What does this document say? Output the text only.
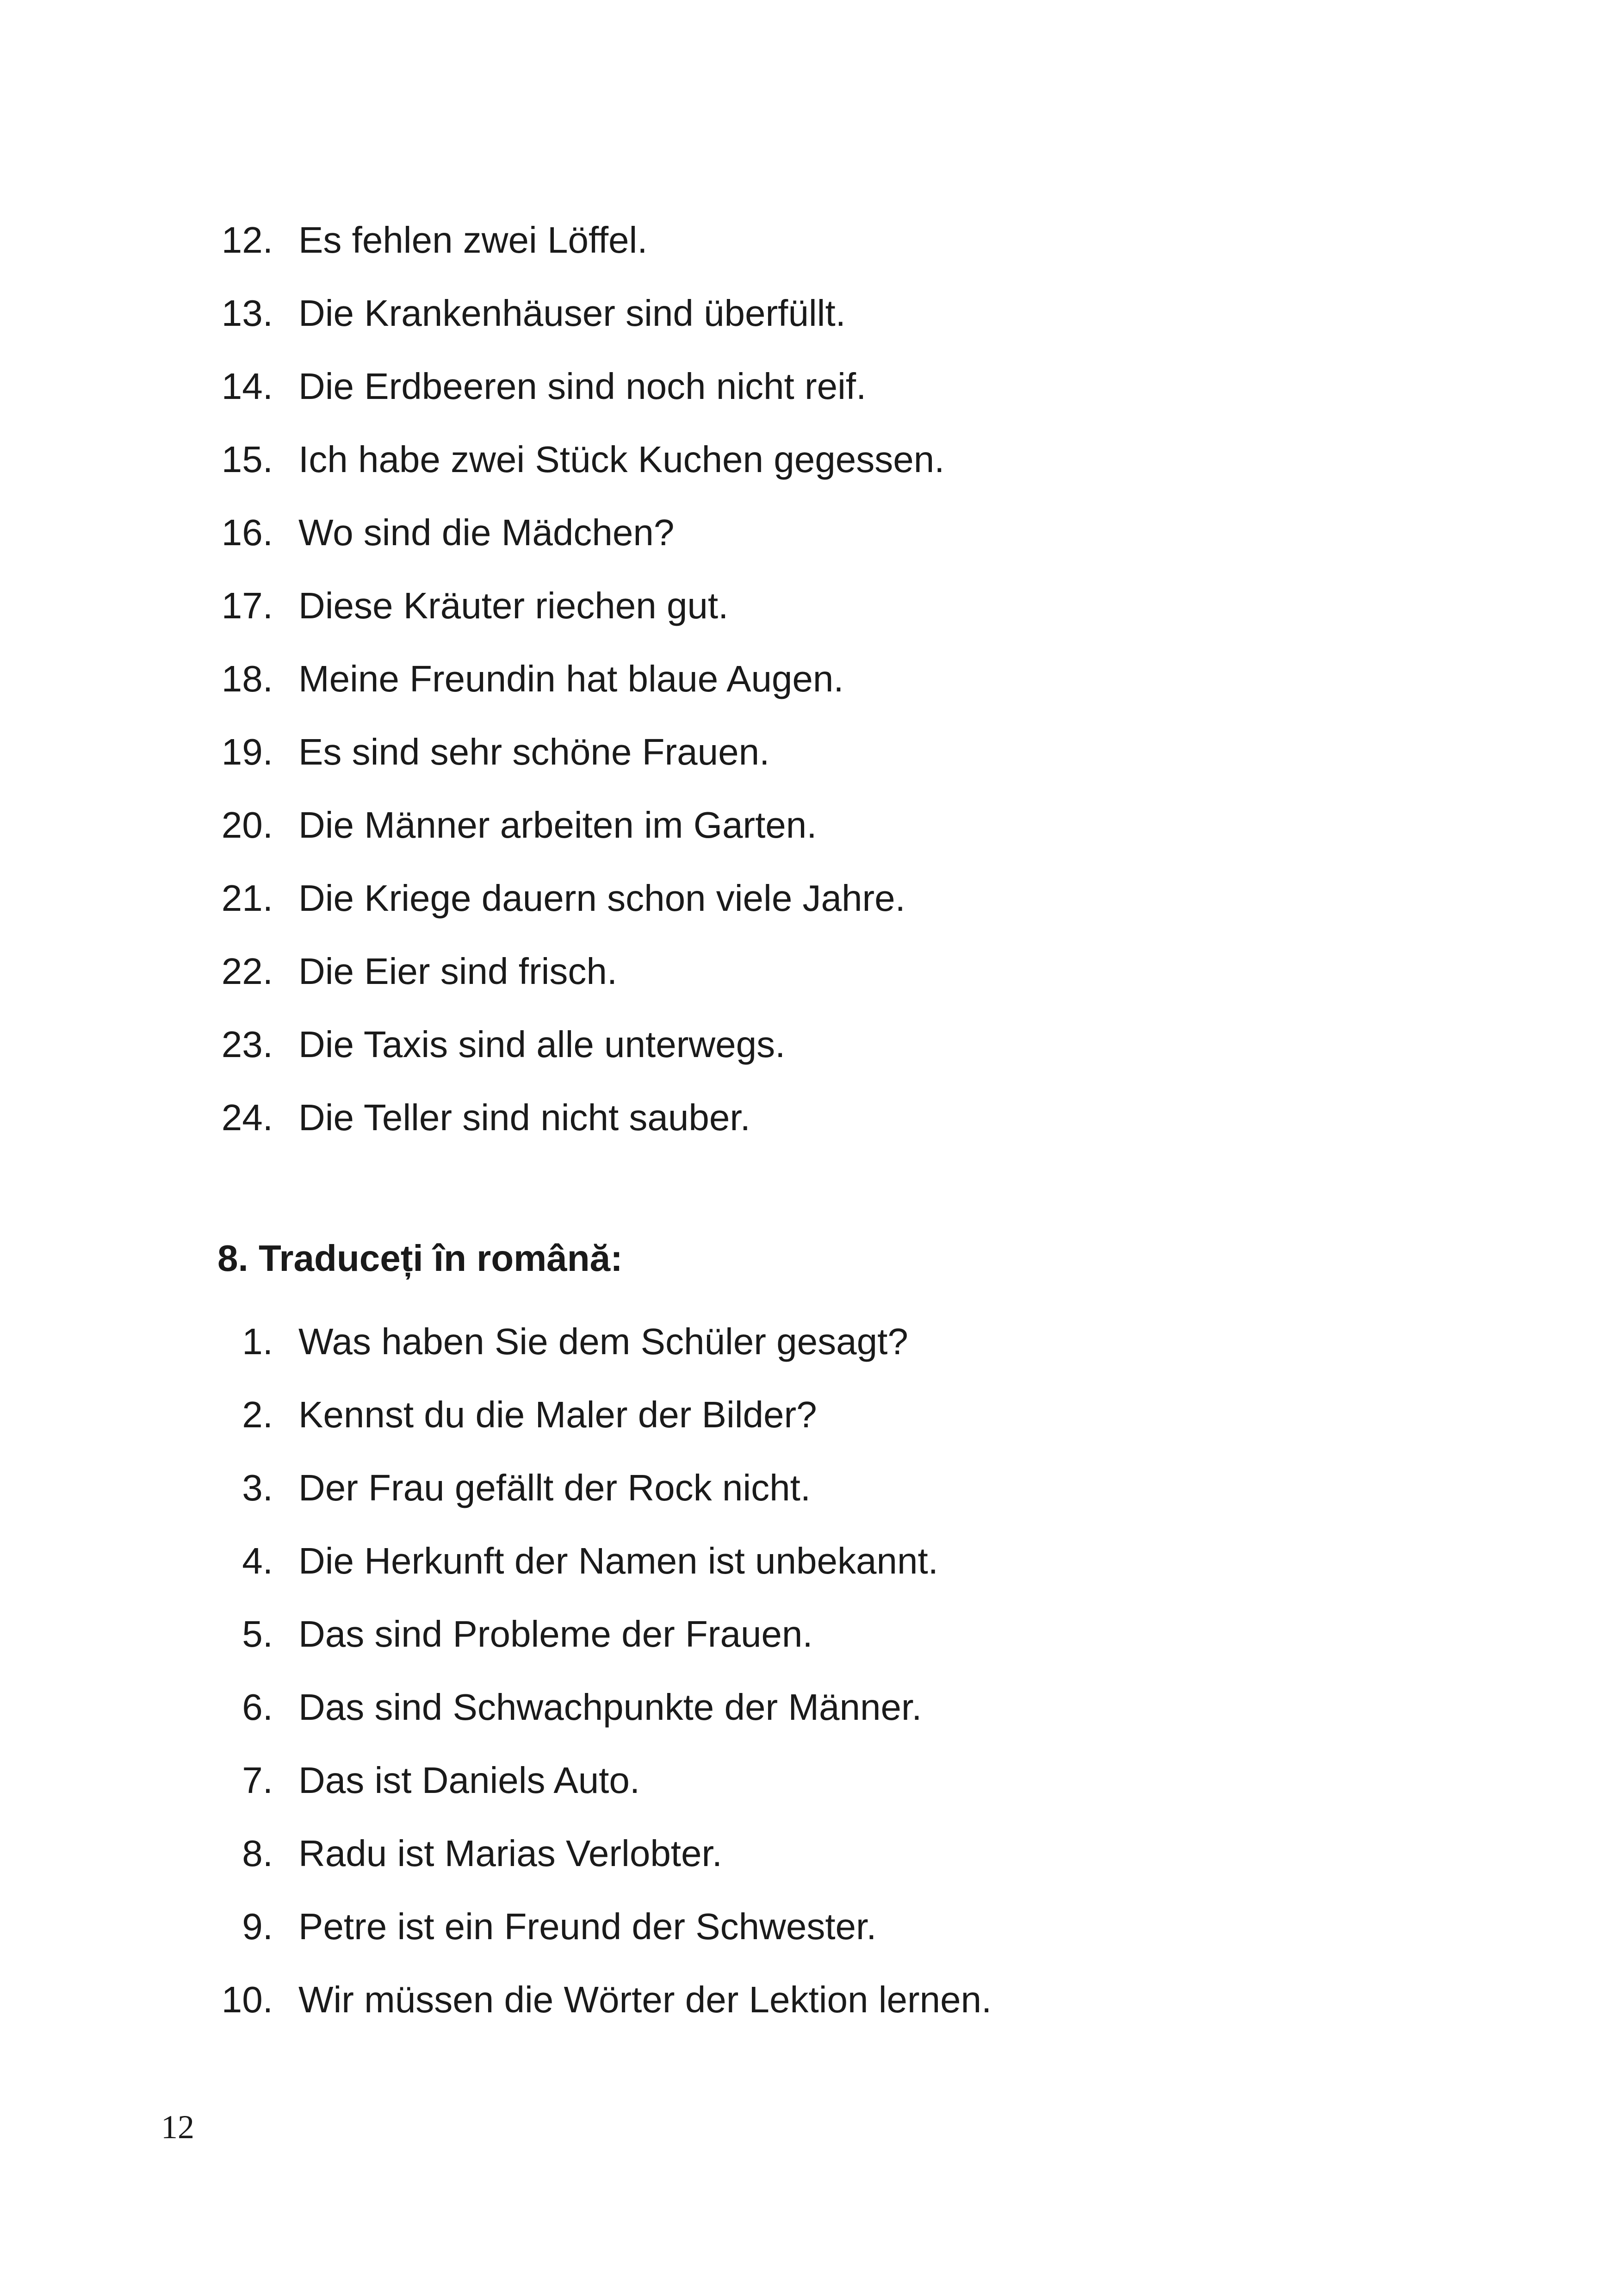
12. Es fehlen zwei Löffel.
13. Die Krankenhäuser sind überfüllt.
14. Die Erdbeeren sind noch nicht reif.
15. Ich habe zwei Stück Kuchen gegessen.
16. Wo sind die Mädchen?
17. Diese Kräuter riechen gut.
18. Meine Freundin hat blaue Augen.
19. Es sind sehr schöne Frauen.
20. Die Männer arbeiten im Garten.
21. Die Kriege dauern schon viele Jahre.
22. Die Eier sind frisch.
23. Die Taxis sind alle unterwegs.
24. Die Teller sind nicht sauber.
8. Traduceți în română:
1. Was haben Sie dem Schüler gesagt?
2. Kennst du die Maler der Bilder?
3. Der Frau gefällt der Rock nicht.
4. Die Herkunft der Namen ist unbekannt.
5. Das sind Probleme der Frauen.
6. Das sind Schwachpunkte der Männer.
7. Das ist Daniels Auto.
8. Radu ist Marias Verlobter.
9. Petre ist ein Freund der Schwester.
10. Wir müssen die Wörter der Lektion lernen.
12
